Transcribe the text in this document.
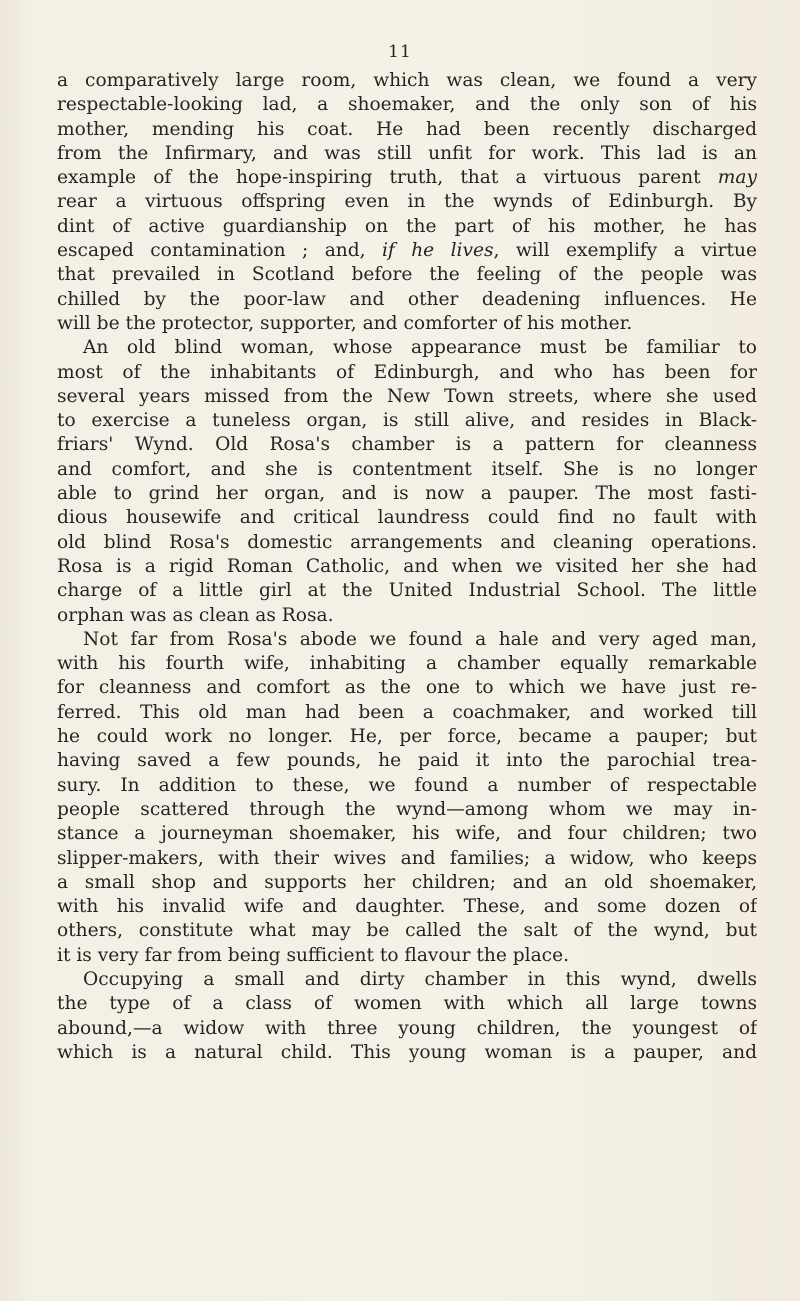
11
a comparatively large room, which was clean, we found a very
respectable-looking lad, a shoemaker, and the only son of his
mother, mending his coat. He had been recently discharged
from the Infirmary, and was still unfit for work. This lad is an
example of the hope-inspiring truth, that a virtuous parent may
rear a virtuous offspring even in the wynds of Edinburgh. By
dint of active guardianship on the part of his mother, he has
escaped contamination ; and, if he lives, will exemplify a virtue
that prevailed in Scotland before the feeling of the people was
chilled by the poor-law and other deadening influences. He
will be the protector, supporter, and comforter of his mother.
An old blind woman, whose appearance must be familiar to
most of the inhabitants of Edinburgh, and who has been for
several years missed from the New Town streets, where she used
to exercise a tuneless organ, is still alive, and resides in Black-
friars' Wynd. Old Rosa's chamber is a pattern for cleanness
and comfort, and she is contentment itself. She is no longer
able to grind her organ, and is now a pauper. The most fasti-
dious housewife and critical laundress could find no fault with
old blind Rosa's domestic arrangements and cleaning operations.
Rosa is a rigid Roman Catholic, and when we visited her she had
charge of a little girl at the United Industrial School. The little
orphan was as clean as Rosa.
Not far from Rosa's abode we found a hale and very aged man,
with his fourth wife, inhabiting a chamber equally remarkable
for cleanness and comfort as the one to which we have just re-
ferred. This old man had been a coachmaker, and worked till
he could work no longer. He, per force, became a pauper; but
having saved a few pounds, he paid it into the parochial trea-
sury. In addition to these, we found a number of respectable
people scattered through the wynd—among whom we may in-
stance a journeyman shoemaker, his wife, and four children; two
slipper-makers, with their wives and families; a widow, who keeps
a small shop and supports her children; and an old shoemaker,
with his invalid wife and daughter. These, and some dozen of
others, constitute what may be called the salt of the wynd, but
it is very far from being sufficient to flavour the place.
Occupying a small and dirty chamber in this wynd, dwells
the type of a class of women with which all large towns
abound,—a widow with three young children, the youngest of
which is a natural child. This young woman is a pauper, and
